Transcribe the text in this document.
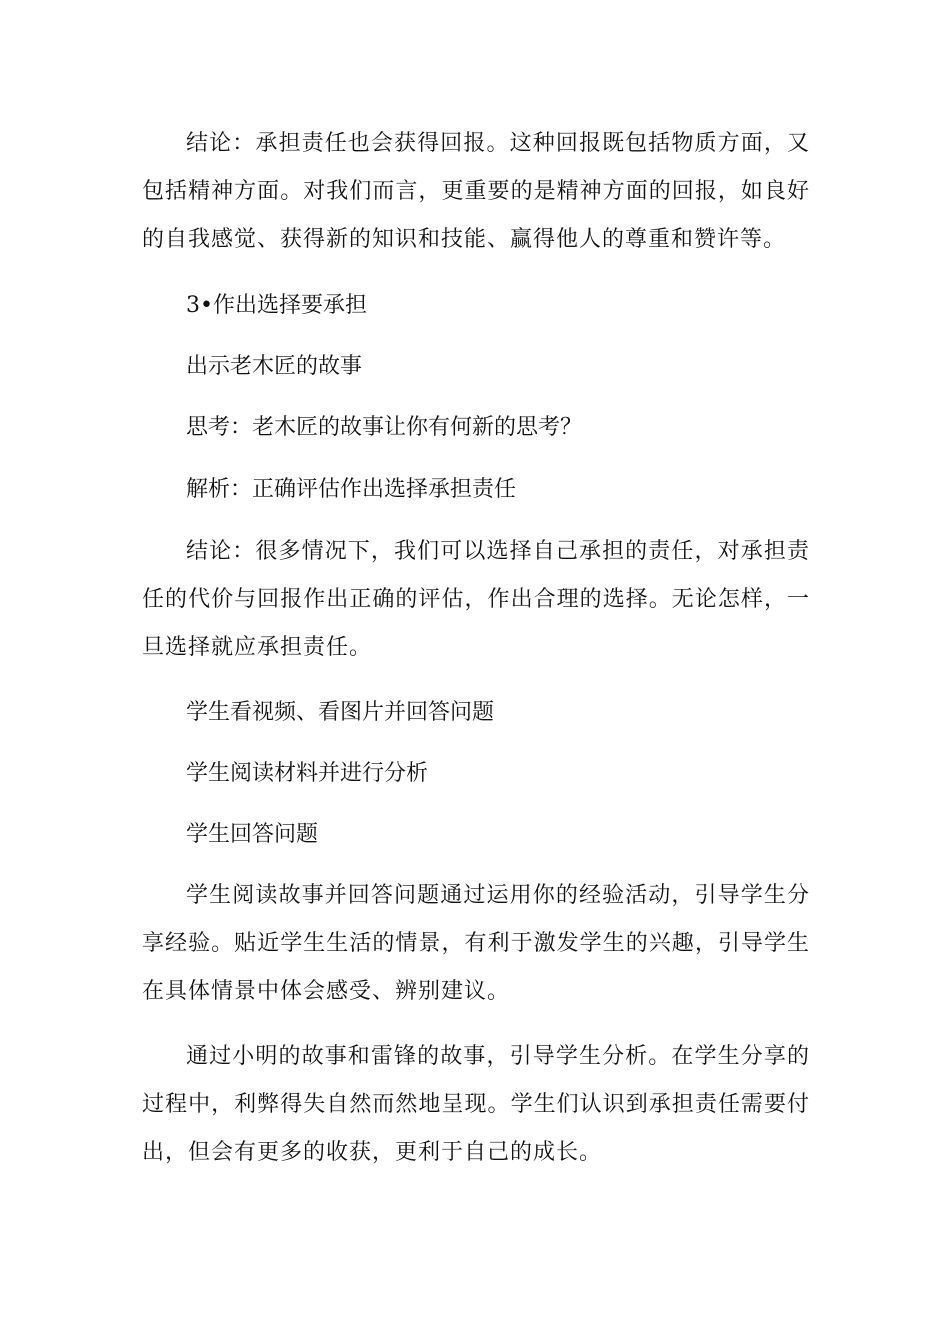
结论：承担责任也会获得回报。这种回报既包括物质方面，又包括精神方面。对我们而言，更重要的是精神方面的回报，如良好的自我感觉、获得新的知识和技能、赢得他人的尊重和赞许等。

3•作出选择要承担

出示老木匠的故事

思考：老木匠的故事让你有何新的思考？

解析：正确评估作出选择承担责任

结论：很多情况下，我们可以选择自己承担的责任，对承担责任的代价与回报作出正确的评估，作出合理的选择。无论怎样，一旦选择就应承担责任。

学生看视频、看图片并回答问题

学生阅读材料并进行分析

学生回答问题

学生阅读故事并回答问题通过运用你的经验活动，引导学生分享经验。贴近学生生活的情景，有利于激发学生的兴趣，引导学生在具体情景中体会感受、辨别建议。

通过小明的故事和雷锋的故事，引导学生分析。在学生分享的过程中，利弊得失自然而然地呈现。学生们认识到承担责任需要付出，但会有更多的收获，更利于自己的成长。
